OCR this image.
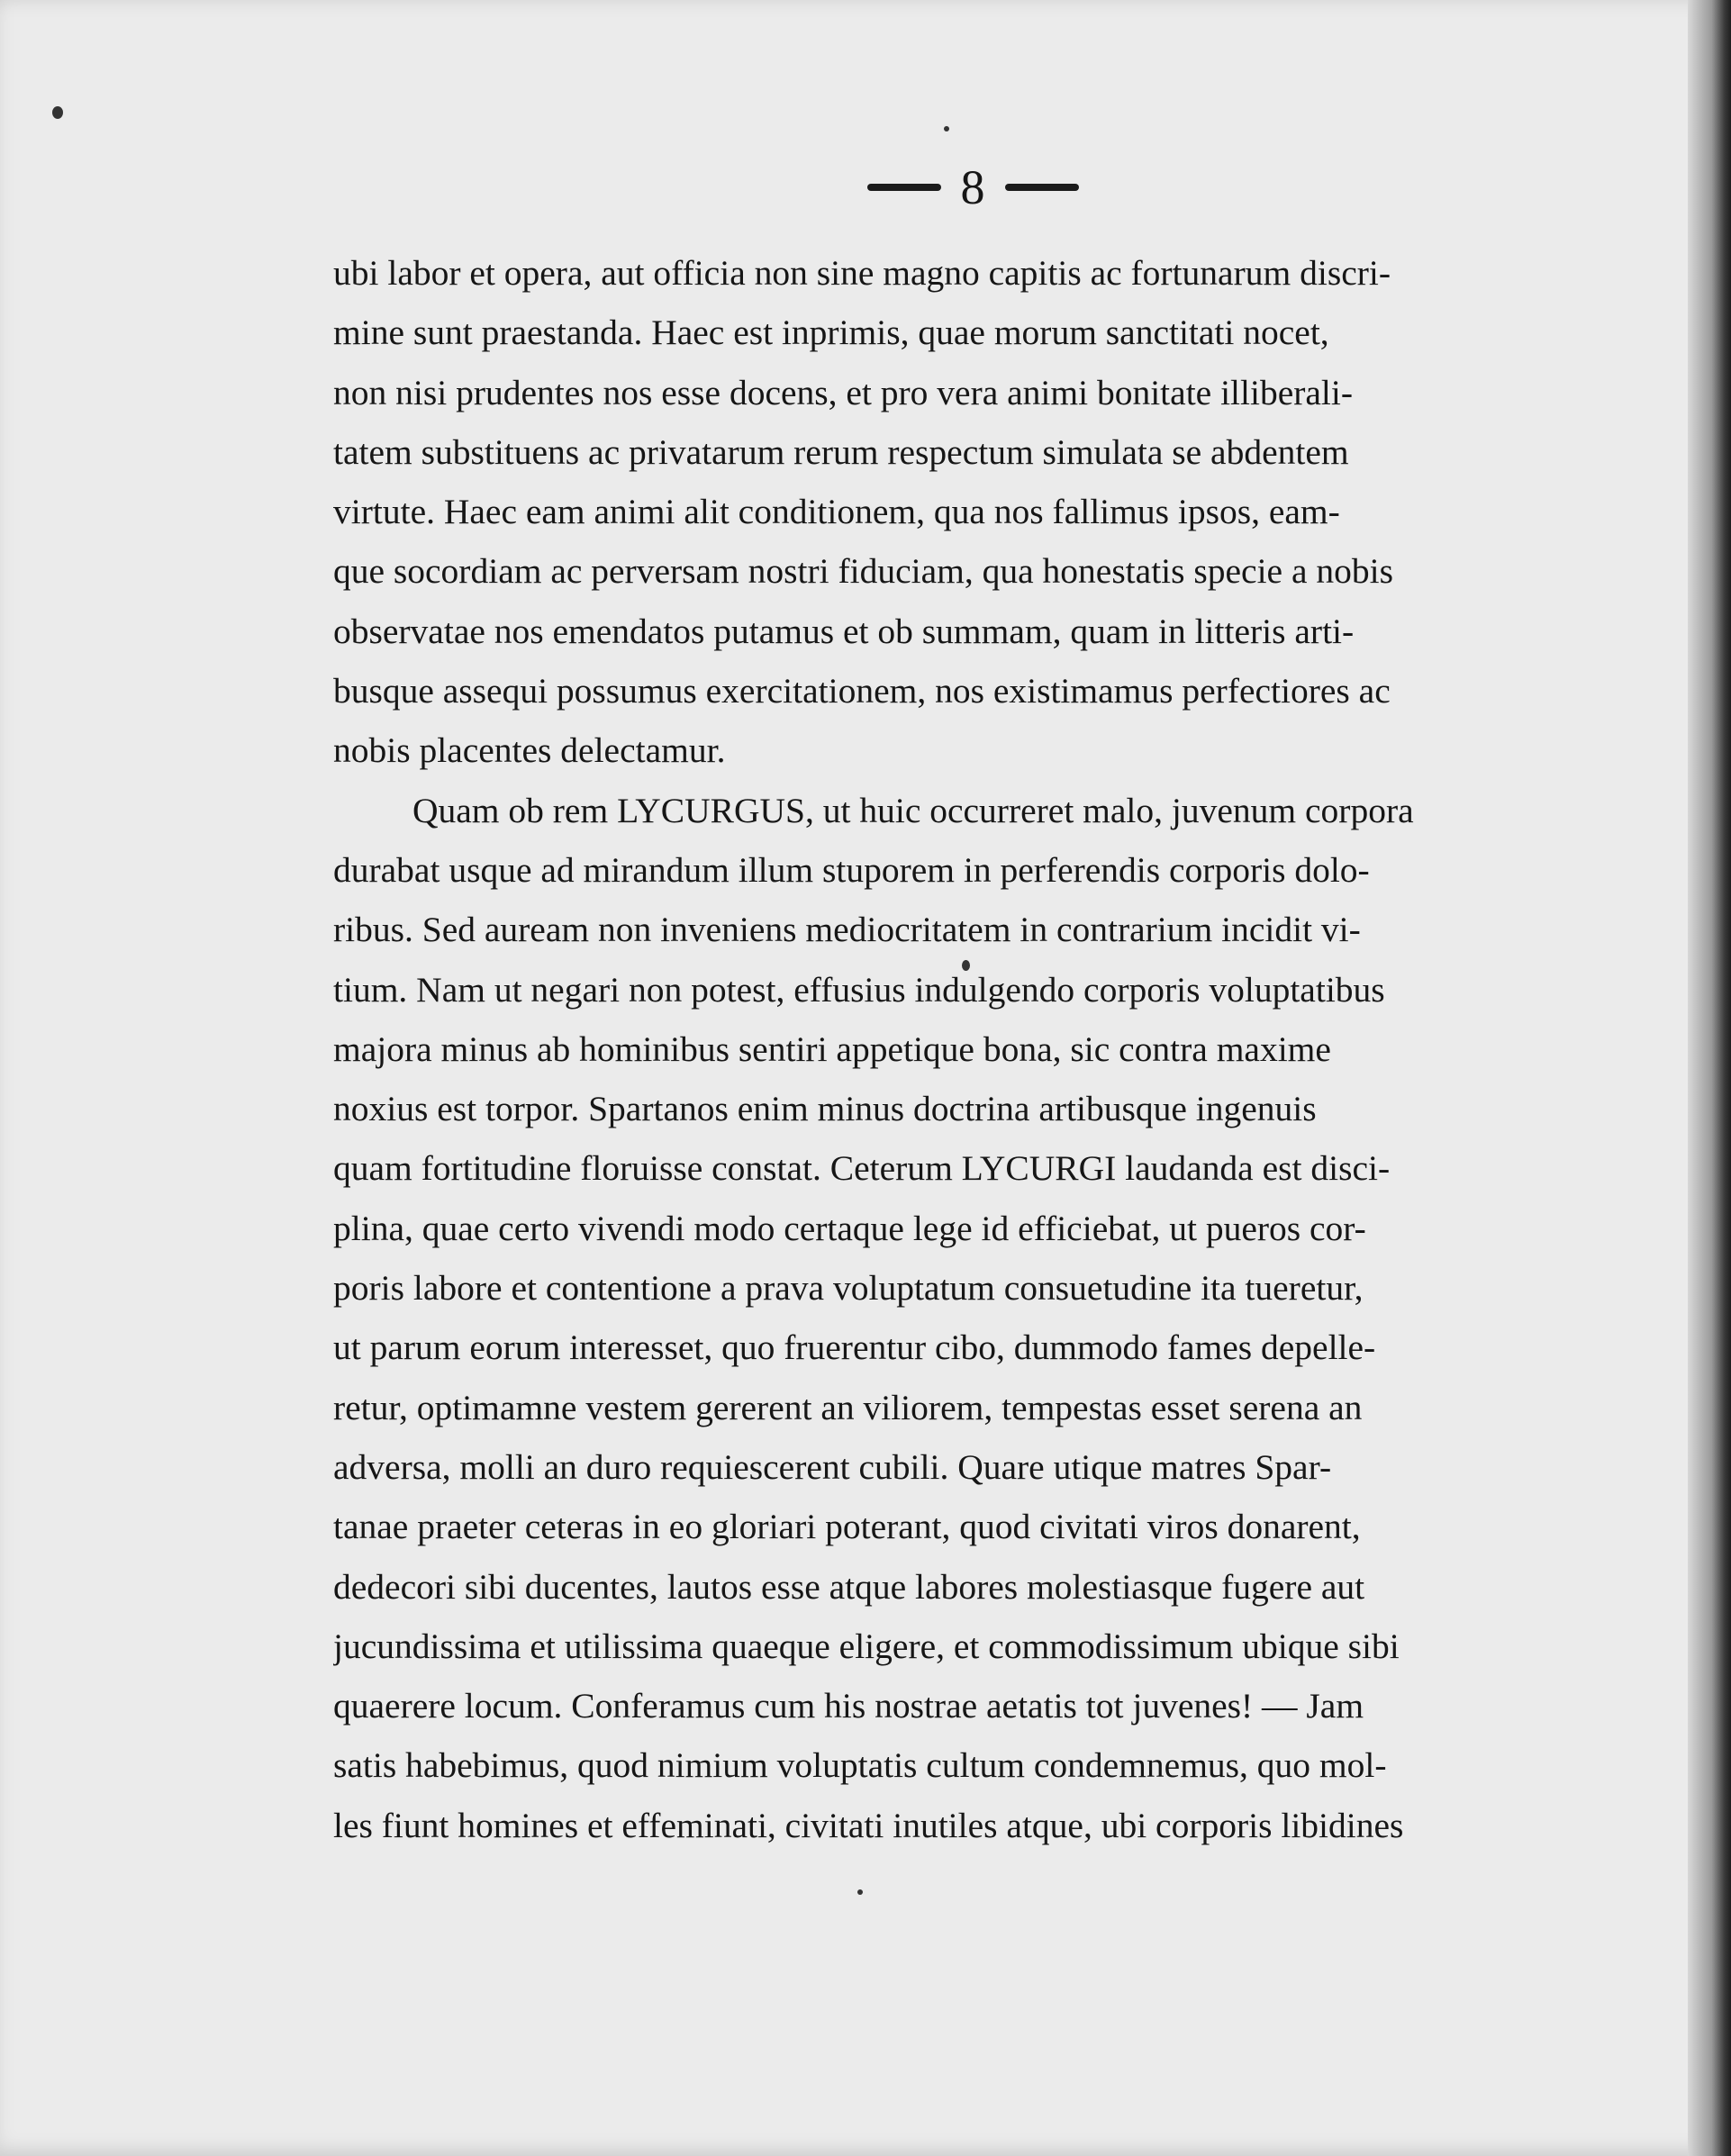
8
ubi labor et opera, aut officia non sine magno capitis ac fortunarum discri-
mine sunt praestanda. Haec est inprimis, quae morum sanctitati nocet,
non nisi prudentes nos esse docens, et pro vera animi bonitate illiberali-
tatem substituens ac privatarum rerum respectum simulata se abdentem
virtute. Haec eam animi alit conditionem, qua nos fallimus ipsos, eam-
que socordiam ac perversam nostri fiduciam, qua honestatis specie a nobis
observatae nos emendatos putamus et ob summam, quam in litteris arti-
busque assequi possumus exercitationem, nos existimamus perfectiores ac
nobis placentes delectamur.
Quam ob rem LYCURGUS, ut huic occurreret malo, juvenum corpora
durabat usque ad mirandum illum stuporem in perferendis corporis dolo-
ribus. Sed auream non inveniens mediocritatem in contrarium incidit vi-
tium. Nam ut negari non potest, effusius indulgendo corporis voluptatibus
majora minus ab hominibus sentiri appetique bona, sic contra maxime
noxius est torpor. Spartanos enim minus doctrina artibusque ingenuis
quam fortitudine floruisse constat. Ceterum LYCURGI laudanda est disci-
plina, quae certo vivendi modo certaque lege id efficiebat, ut pueros cor-
poris labore et contentione a prava voluptatum consuetudine ita tueretur,
ut parum eorum interesset, quo fruerentur cibo, dummodo fames depelle-
retur, optimamne vestem gererent an viliorem, tempestas esset serena an
adversa, molli an duro requiescerent cubili. Quare utique matres Spar-
tanae praeter ceteras in eo gloriari poterant, quod civitati viros donarent,
dedecori sibi ducentes, lautos esse atque labores molestiasque fugere aut
jucundissima et utilissima quaeque eligere, et commodissimum ubique sibi
quaerere locum. Conferamus cum his nostrae aetatis tot juvenes! — Jam
satis habebimus, quod nimium voluptatis cultum condemnemus, quo mol-
les fiunt homines et effeminati, civitati inutiles atque, ubi corporis libidines
